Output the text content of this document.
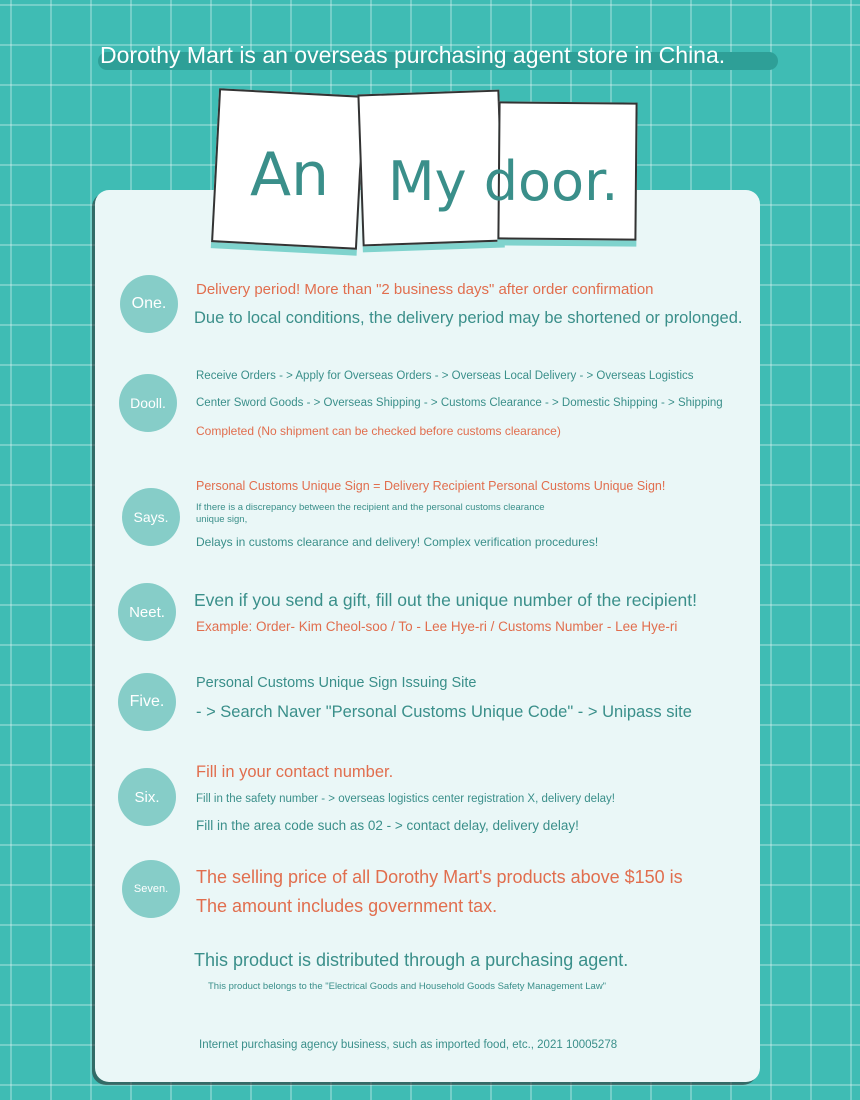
Dorothy Mart is an overseas purchasing agent store in China.
An My door.
One.
Delivery period! More than "2 business days" after order confirmation
Due to local conditions, the delivery period may be shortened or prolonged.
Dooll.
Receive Orders - > Apply for Overseas Orders - > Overseas Local Delivery - > Overseas Logistics
Center Sword Goods - > Overseas Shipping - > Customs Clearance - > Domestic Shipping - > Shipping
Completed (No shipment can be checked before customs clearance)
Says.
Personal Customs Unique Sign = Delivery Recipient Personal Customs Unique Sign!
If there is a discrepancy between the recipient and the personal customs clearance
unique sign,
Delays in customs clearance and delivery! Complex verification procedures!
Neet.
Even if you send a gift, fill out the unique number of the recipient!
Example: Order- Kim Cheol-soo / To - Lee Hye-ri / Customs Number - Lee Hye-ri
Five.
Personal Customs Unique Sign Issuing Site
- > Search Naver "Personal Customs Unique Code" - > Unipass site
Six.
Fill in your contact number.
Fill in the safety number - > overseas logistics center registration X, delivery delay!
Fill in the area code such as 02 - > contact delay, delivery delay!
Seven.
The selling price of all Dorothy Mart's products above $150 is
The amount includes government tax.
This product is distributed through a purchasing agent.
This product belongs to the "Electrical Goods and Household Goods Safety Management Law"
Internet purchasing agency business, such as imported food, etc., 2021 10005278
